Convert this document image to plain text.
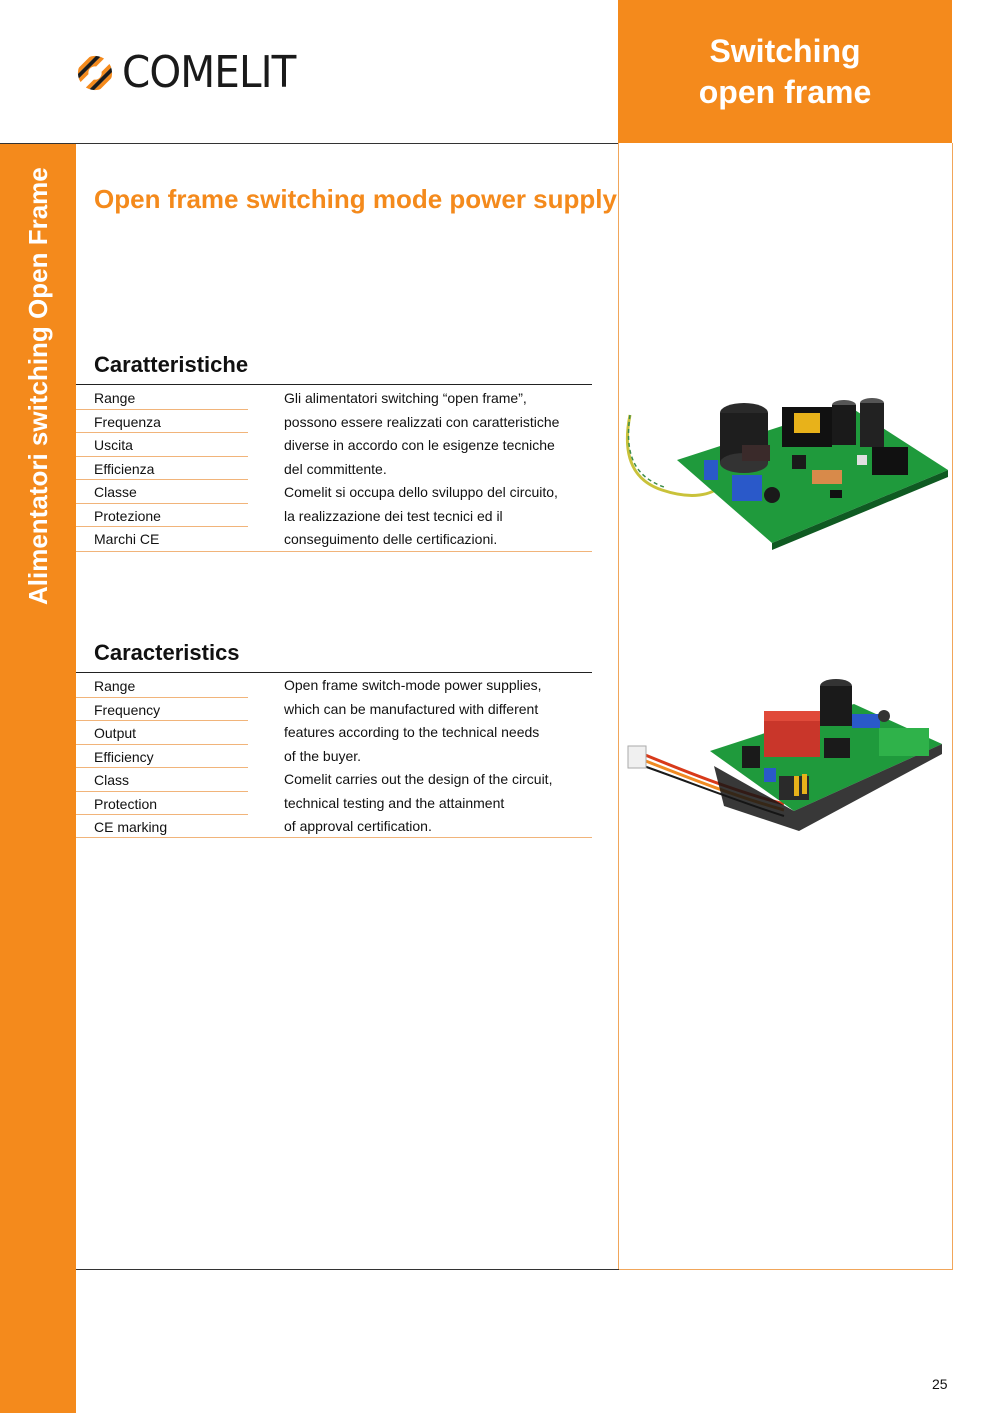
COMELIT	Switching
open frame
Alimentatori switching Open Frame Open frame switching mode power supply
Caratteristiche
Range
Frequenza
Uscita
Efficienza
Classe
Protezione
Marchi CE
Gli alimentatori switching “open frame”,
possono essere realizzati con caratteristiche
diverse in accordo con le esigenze tecniche
del committente.
Comelit si occupa dello sviluppo del circuito,
la realizzazione dei test tecnici ed il
conseguimento delle certificazioni.
Caracteristics
Range
Frequency
Output
Efficiency
Class
Protection
CE marking
Open frame switch-mode power supplies,
which can be manufactured with different
features according to the technical needs
of the buyer.
Comelit carries out the design of the circuit,
technical testing and the attainment
of approval certification.
25
